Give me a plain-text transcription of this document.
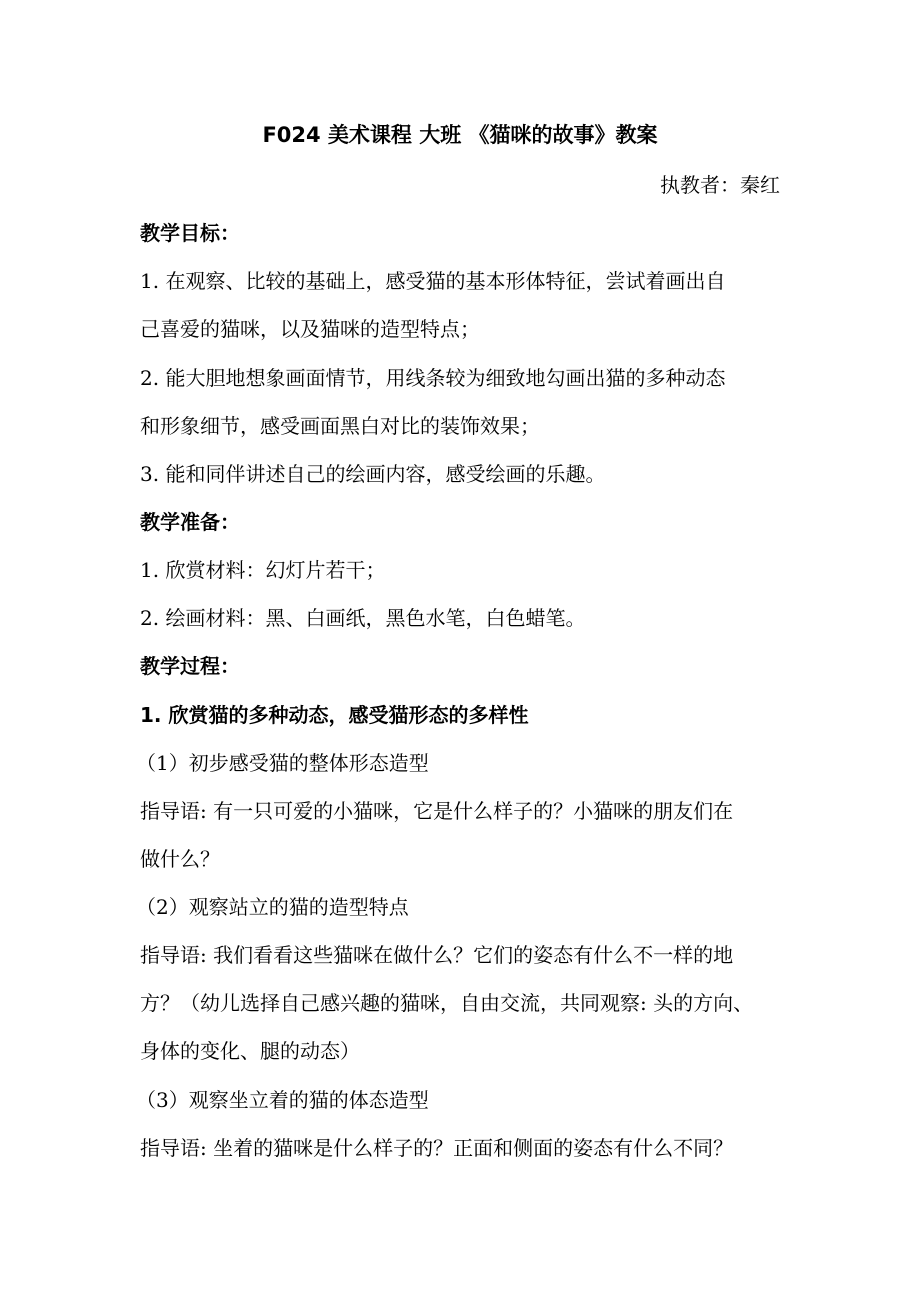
F024 美术课程 大班 《猫咪的故事》教案
执教者：秦红
教学目标：
1. 在观察、比较的基础上，感受猫的基本形体特征，尝试着画出自
己喜爱的猫咪，以及猫咪的造型特点；
2. 能大胆地想象画面情节，用线条较为细致地勾画出猫的多种动态
和形象细节，感受画面黑白对比的装饰效果；
3. 能和同伴讲述自己的绘画内容，感受绘画的乐趣。
教学准备：
1. 欣赏材料：幻灯片若干；
2. 绘画材料：黑、白画纸，黑色水笔，白色蜡笔。
教学过程：
1. 欣赏猫的多种动态，感受猫形态的多样性
（1）初步感受猫的整体形态造型
指导语: 有一只可爱的小猫咪，它是什么样子的？小猫咪的朋友们在
做什么？
（2）观察站立的猫的造型特点
指导语: 我们看看这些猫咪在做什么？它们的姿态有什么不一样的地
方？（幼儿选择自己感兴趣的猫咪，自由交流，共同观察: 头的方向、
身体的变化、腿的动态）
（3）观察坐立着的猫的体态造型
指导语: 坐着的猫咪是什么样子的？正面和侧面的姿态有什么不同？
